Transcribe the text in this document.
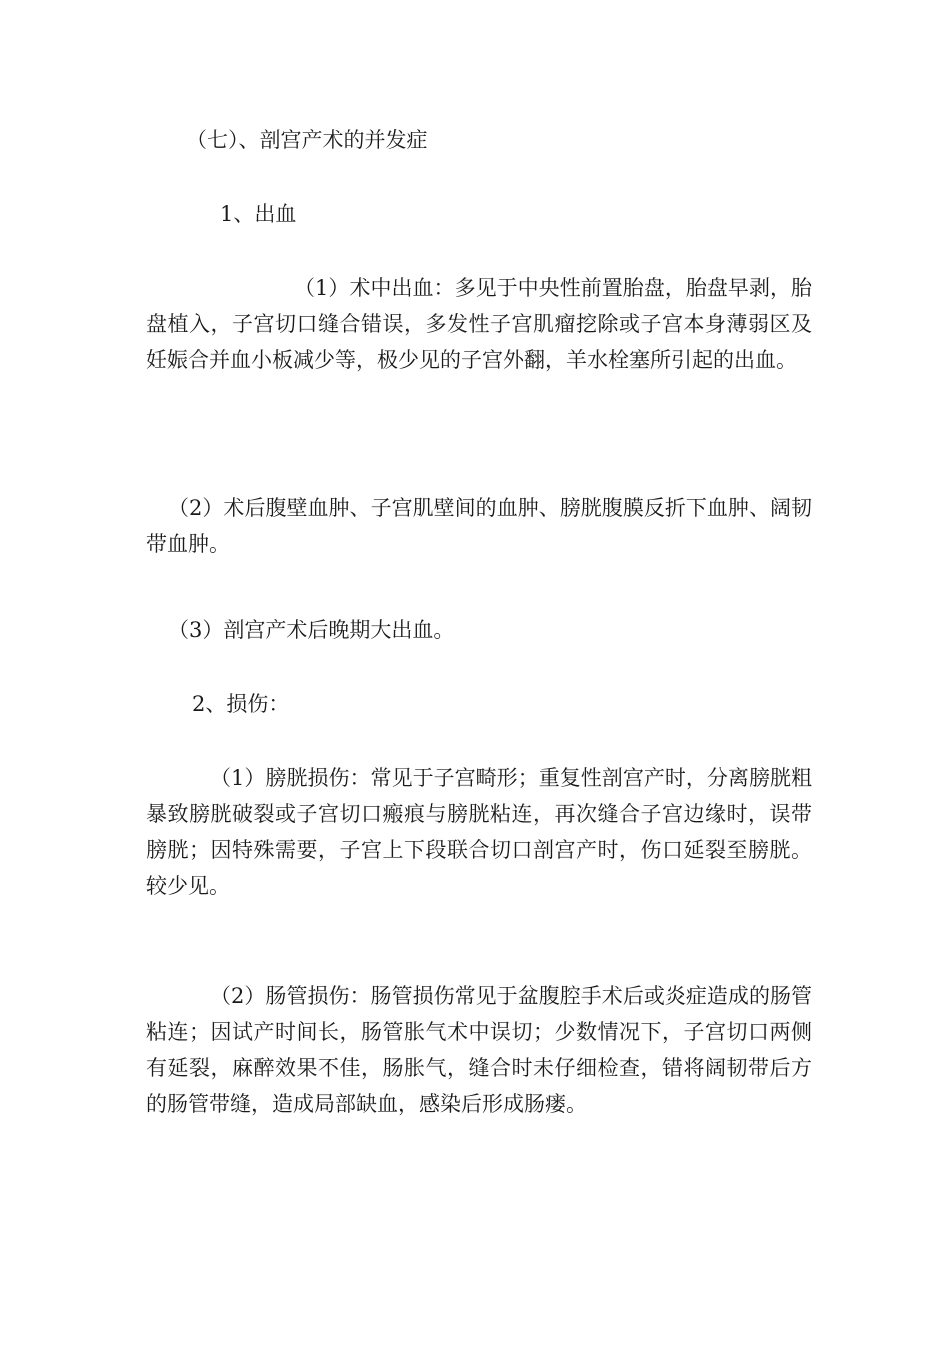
（七）、剖宫产术的并发症
1、出血
（1）术中出血：多见于中央性前置胎盘，胎盘早剥，胎盘植入，子宫切口缝合错误，多发性子宫肌瘤挖除或子宫本身薄弱区及妊娠合并血小板减少等，极少见的子宫外翻，羊水栓塞所引起的出血。
（2）术后腹壁血肿、子宫肌壁间的血肿、膀胱腹膜反折下血肿、阔韧带血肿。
（3）剖宫产术后晚期大出血。
2、损伤：
（1）膀胱损伤：常见于子宫畸形；重复性剖宫产时，分离膀胱粗暴致膀胱破裂或子宫切口瘢痕与膀胱粘连，再次缝合子宫边缘时，误带膀胱；因特殊需要，子宫上下段联合切口剖宫产时，伤口延裂至膀胱。较少见。
（2）肠管损伤：肠管损伤常见于盆腹腔手术后或炎症造成的肠管粘连；因试产时间长，肠管胀气术中误切；少数情况下，子宫切口两侧有延裂，麻醉效果不佳，肠胀气，缝合时未仔细检查，错将阔韧带后方的肠管带缝，造成局部缺血，感染后形成肠瘘。
